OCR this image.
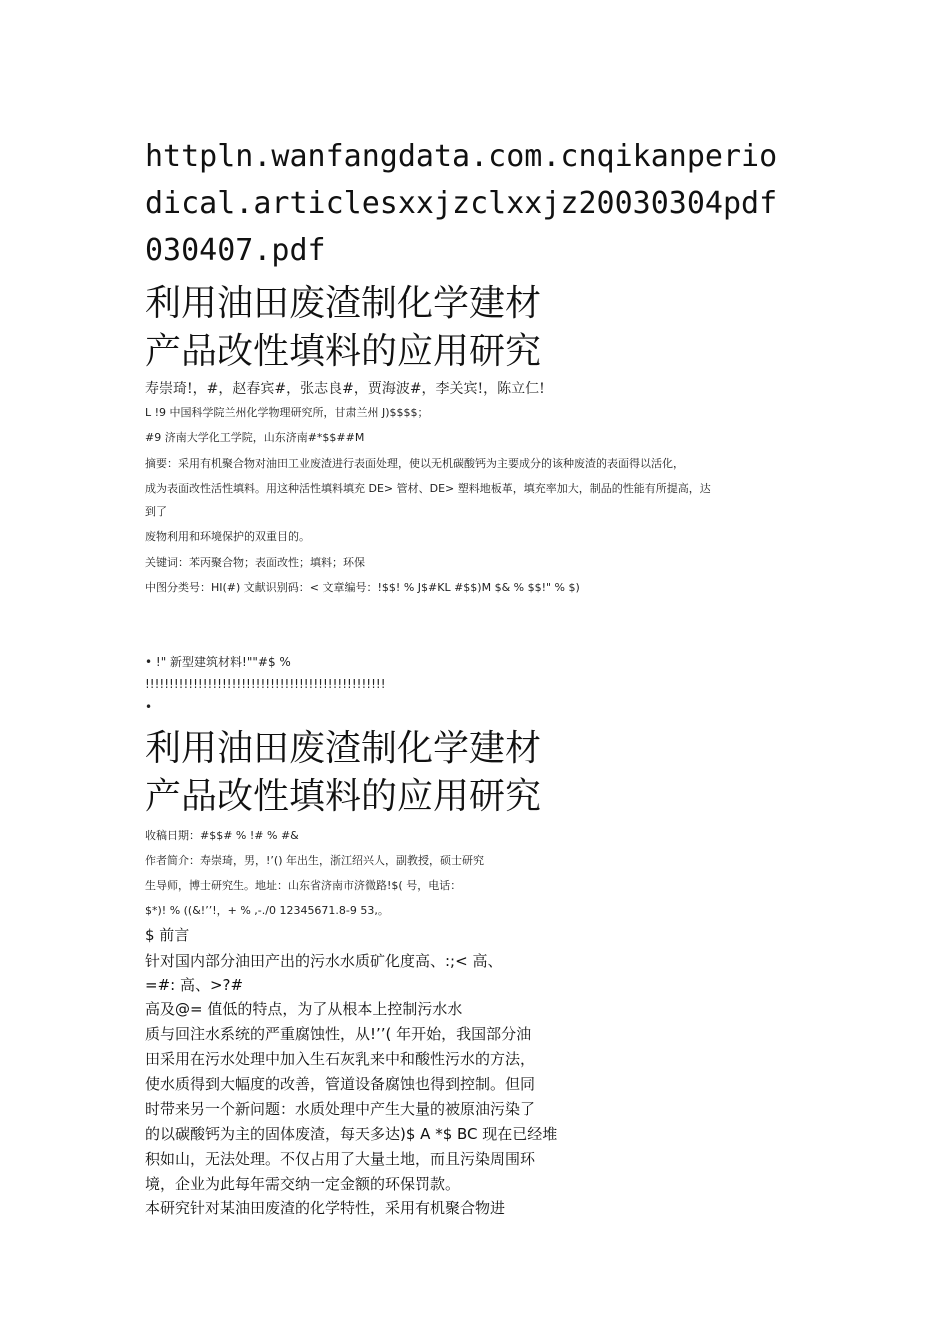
httpln.wanfangdata.com.cnqikanperio
dical.articlesxxjzclxxjz20030304pdf
030407.pdf
利用油田废渣制化学建材
产品改性填料的应用研究
寿崇琦!，#，赵春宾#，张志良#，贾海波#，李关宾!，陈立仁!
L !9 中国科学院兰州化学物理研究所，甘肃兰州 J)$$$$；
#9 济南大学化工学院，山东济南#*$$##M
摘要：采用有机聚合物对油田工业废渣进行表面处理，使以无机碳酸钙为主要成分的该种废渣的表面得以活化，
成为表面改性活性填料。用这种活性填料填充 DE> 管材、DE> 塑料地板革，填充率加大，制品的性能有所提高，达
到了
废物利用和环境保护的双重目的。
关键词：苯丙聚合物；表面改性；填料；环保
中图分类号：HI(#) 文献识别码：< 文章编号：!$$! % J$#KL #$$)M $& % $$!" % $)
• !" 新型建筑材料!""#$ %
!!!!!!!!!!!!!!!!!!!!!!!!!!!!!!!!!!!!!!!!!!!!!!!!!!
•
利用油田废渣制化学建材
产品改性填料的应用研究
收稿日期：#$$# % !# % #&
作者简介：寿崇琦，男，!’() 年出生，浙江绍兴人，副教授，硕士研究
生导师，博士研究生。地址：山东省济南市济微路!$( 号，电话：
$*)! % ((&!’’!，+ % ,-./0 12345671.8-9 53,。
$ 前言
针对国内部分油田产出的污水水质矿化度高、:;< 高、
=#: 高、>?#
高及@= 值低的特点，为了从根本上控制污水水
质与回注水系统的严重腐蚀性，从!’’( 年开始，我国部分油
田采用在污水处理中加入生石灰乳来中和酸性污水的方法，
使水质得到大幅度的改善，管道设备腐蚀也得到控制。但同
时带来另一个新问题：水质处理中产生大量的被原油污染了
的以碳酸钙为主的固体废渣，每天多达)$ A *$ BC 现在已经堆
积如山，无法处理。不仅占用了大量土地，而且污染周围环
境，企业为此每年需交纳一定金额的环保罚款。
本研究针对某油田废渣的化学特性，采用有机聚合物进
